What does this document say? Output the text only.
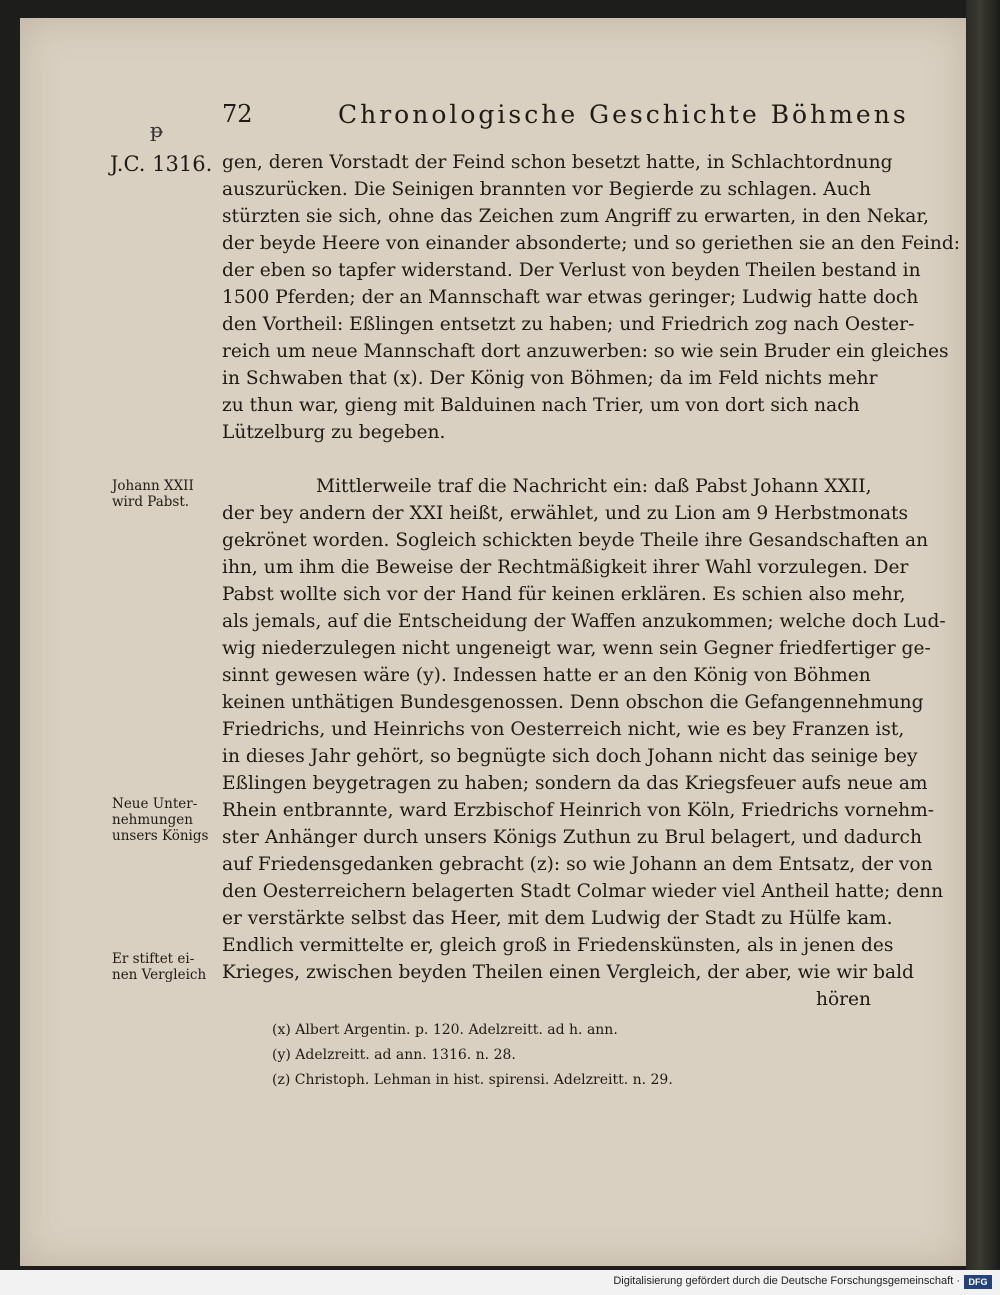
ᵽ
72	Chronologische Geschichte Böhmens
J.C. 1316.
Johann XXII
wird Pabst.
Neue Unter-
nehmungen
unsers Königs
Er stiftet ei-
nen Vergleich
gen, deren Vorstadt der Feind schon besetzt hatte, in Schlachtordnung
auszurücken. Die Seinigen brannten vor Begierde zu schlagen. Auch
stürzten sie sich, ohne das Zeichen zum Angriff zu erwarten, in den Nekar,
der beyde Heere von einander absonderte; und so geriethen sie an den Feind:
der eben so tapfer widerstand. Der Verlust von beyden Theilen bestand in
1500 Pferden; der an Mannschaft war etwas geringer; Ludwig hatte doch
den Vortheil: Eßlingen entsetzt zu haben; und Friedrich zog nach Oester-
reich um neue Mannschaft dort anzuwerben: so wie sein Bruder ein gleiches
in Schwaben that (x). Der König von Böhmen; da im Feld nichts mehr
zu thun war, gieng mit Balduinen nach Trier, um von dort sich nach
Lützelburg zu begeben.
Mittlerweile traf die Nachricht ein: daß Pabst Johann XXII,
der bey andern der XXI heißt, erwählet, und zu Lion am 9 Herbstmonats
gekrönet worden. Sogleich schickten beyde Theile ihre Gesandschaften an
ihn, um ihm die Beweise der Rechtmäßigkeit ihrer Wahl vorzulegen. Der
Pabst wollte sich vor der Hand für keinen erklären. Es schien also mehr,
als jemals, auf die Entscheidung der Waffen anzukommen; welche doch Lud-
wig niederzulegen nicht ungeneigt war, wenn sein Gegner friedfertiger ge-
sinnt gewesen wäre (y). Indessen hatte er an den König von Böhmen
keinen unthätigen Bundesgenossen. Denn obschon die Gefangennehmung
Friedrichs, und Heinrichs von Oesterreich nicht, wie es bey Franzen ist,
in dieses Jahr gehört, so begnügte sich doch Johann nicht das seinige bey
Eßlingen beygetragen zu haben; sondern da das Kriegsfeuer aufs neue am
Rhein entbrannte, ward Erzbischof Heinrich von Köln, Friedrichs vornehm-
ster Anhänger durch unsers Königs Zuthun zu Brul belagert, und dadurch
auf Friedensgedanken gebracht (z): so wie Johann an dem Entsatz, der von
den Oesterreichern belagerten Stadt Colmar wieder viel Antheil hatte; denn
er verstärkte selbst das Heer, mit dem Ludwig der Stadt zu Hülfe kam.
Endlich vermittelte er, gleich groß in Friedenskünsten, als in jenen des
Krieges, zwischen beyden Theilen einen Vergleich, der aber, wie wir bald
hören
(x) Albert Argentin. p. 120. Adelzreitt. ad h. ann.
(y) Adelzreitt. ad ann. 1316. n. 28.
(z) Christoph. Lehman in hist. spirensi. Adelzreitt. n. 29.
Digitalisierung gefördert durch die Deutsche Forschungsgemeinschaft · DFG
